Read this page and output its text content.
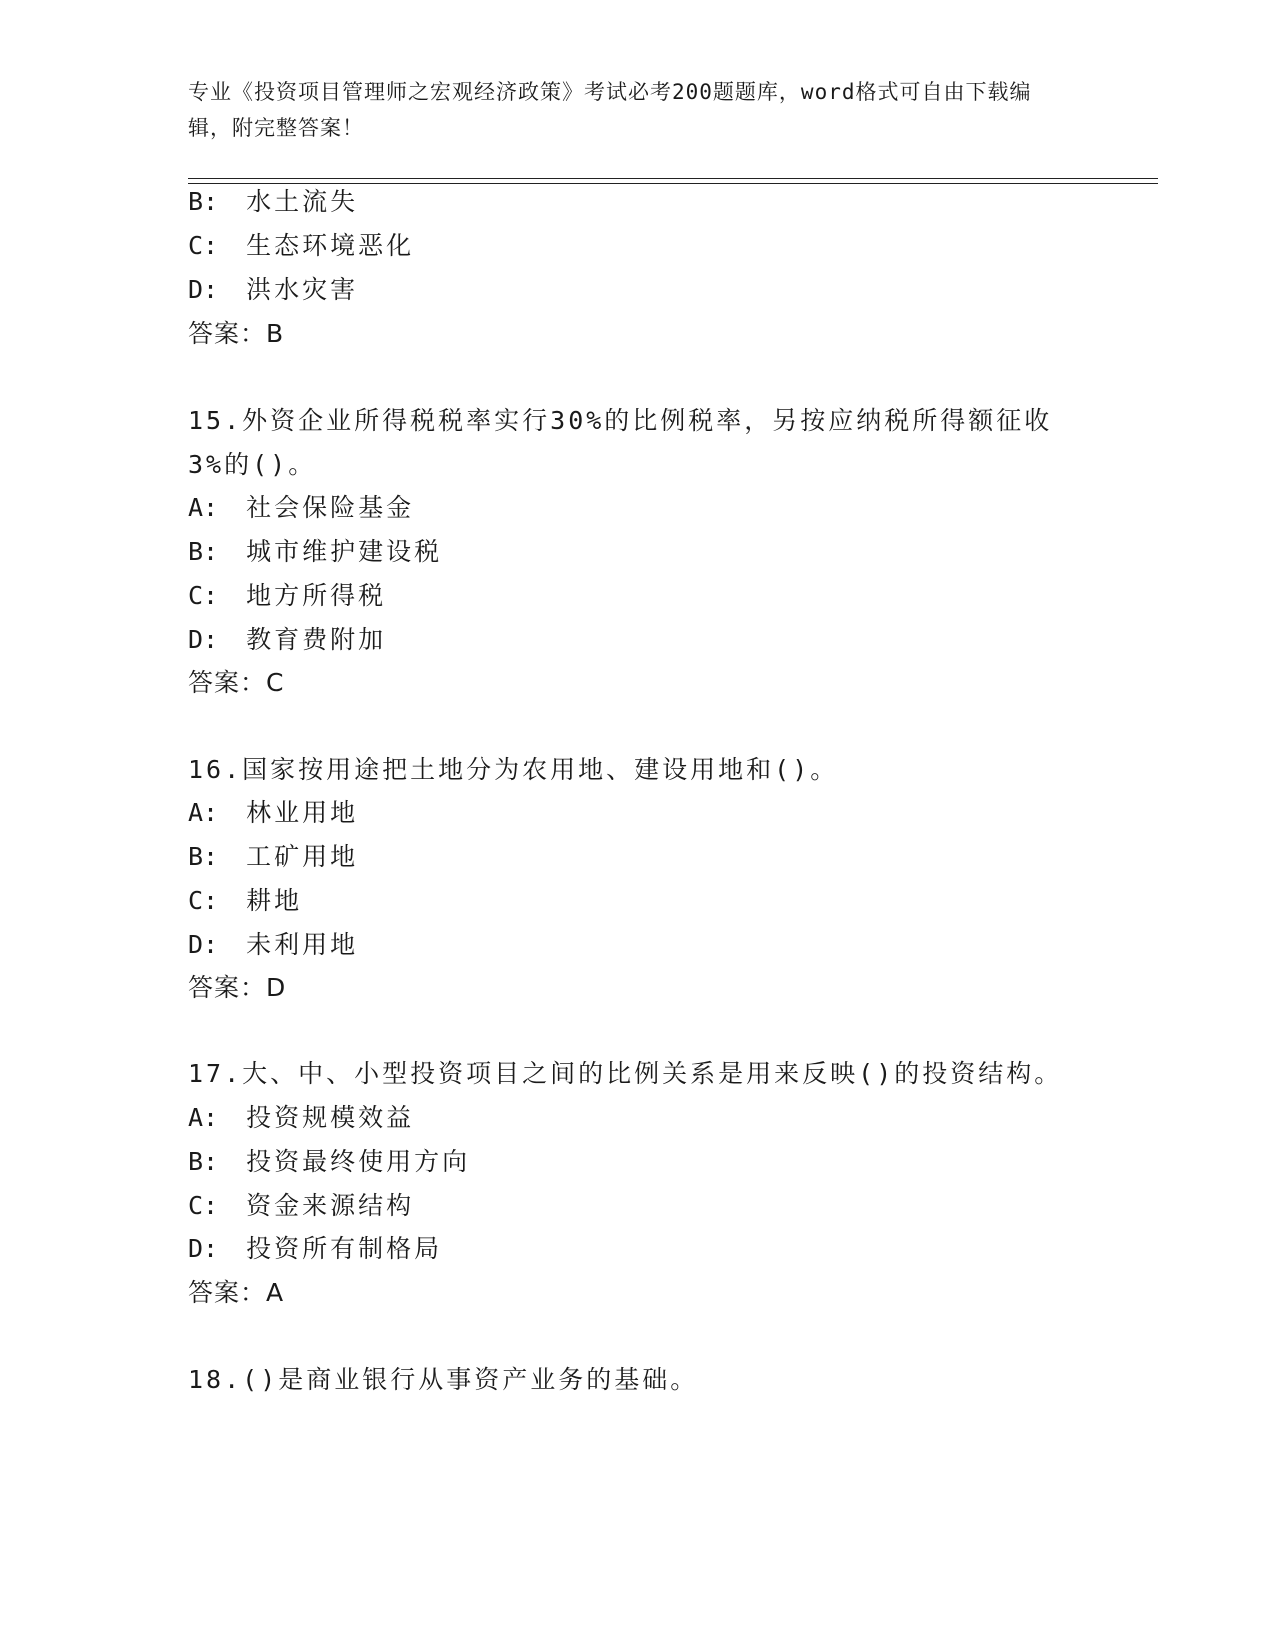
专业《投资项目管理师之宏观经济政策》考试必考200题题库，word格式可自由下载编辑，附完整答案！
B: 水土流失
C: 生态环境恶化
D: 洪水灾害
答案：B
15.外资企业所得税税率实行30%的比例税率，另按应纳税所得额征收
3%的()。
A: 社会保险基金
B: 城市维护建设税
C: 地方所得税
D: 教育费附加
答案：C
16.国家按用途把土地分为农用地、建设用地和()。
A: 林业用地
B: 工矿用地
C: 耕地
D: 未利用地
答案：D
17.大、中、小型投资项目之间的比例关系是用来反映()的投资结构。
A: 投资规模效益
B: 投资最终使用方向
C: 资金来源结构
D: 投资所有制格局
答案：A
18.()是商业银行从事资产业务的基础。
